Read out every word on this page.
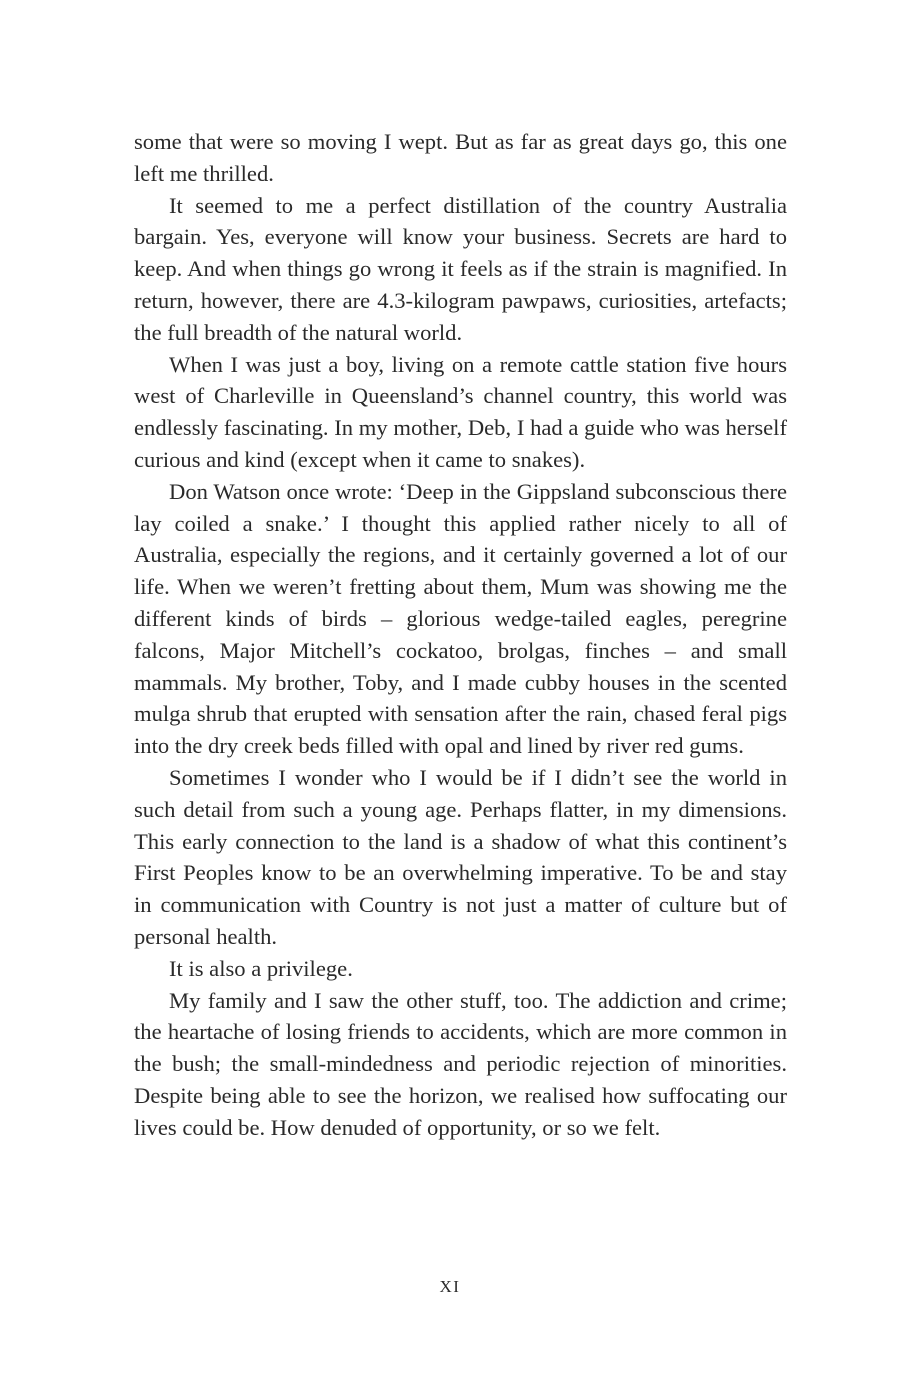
some that were so moving I wept. But as far as great days go, this one left me thrilled.

It seemed to me a perfect distillation of the country Australia bargain. Yes, everyone will know your business. Secrets are hard to keep. And when things go wrong it feels as if the strain is magnified. In return, however, there are 4.3-kilogram pawpaws, curiosities, artefacts; the full breadth of the natural world.

When I was just a boy, living on a remote cattle station five hours west of Charleville in Queensland’s channel country, this world was endlessly fascinating. In my mother, Deb, I had a guide who was herself curious and kind (except when it came to snakes).

Don Watson once wrote: ‘Deep in the Gippsland subconscious there lay coiled a snake.’ I thought this applied rather nicely to all of Australia, especially the regions, and it certainly governed a lot of our life. When we weren’t fretting about them, Mum was showing me the different kinds of birds – glorious wedge-tailed eagles, peregrine falcons, Major Mitchell’s cockatoo, brolgas, finches – and small mammals. My brother, Toby, and I made cubby houses in the scented mulga shrub that erupted with sensation after the rain, chased feral pigs into the dry creek beds filled with opal and lined by river red gums.

Sometimes I wonder who I would be if I didn’t see the world in such detail from such a young age. Perhaps flatter, in my dimensions. This early connection to the land is a shadow of what this continent’s First Peoples know to be an overwhelming imperative. To be and stay in communication with Country is not just a matter of culture but of personal health.

It is also a privilege.

My family and I saw the other stuff, too. The addiction and crime; the heartache of losing friends to accidents, which are more common in the bush; the small-mindedness and periodic rejection of minorities. Despite being able to see the horizon, we realised how suffocating our lives could be. How denuded of opportunity, or so we felt.

XI
